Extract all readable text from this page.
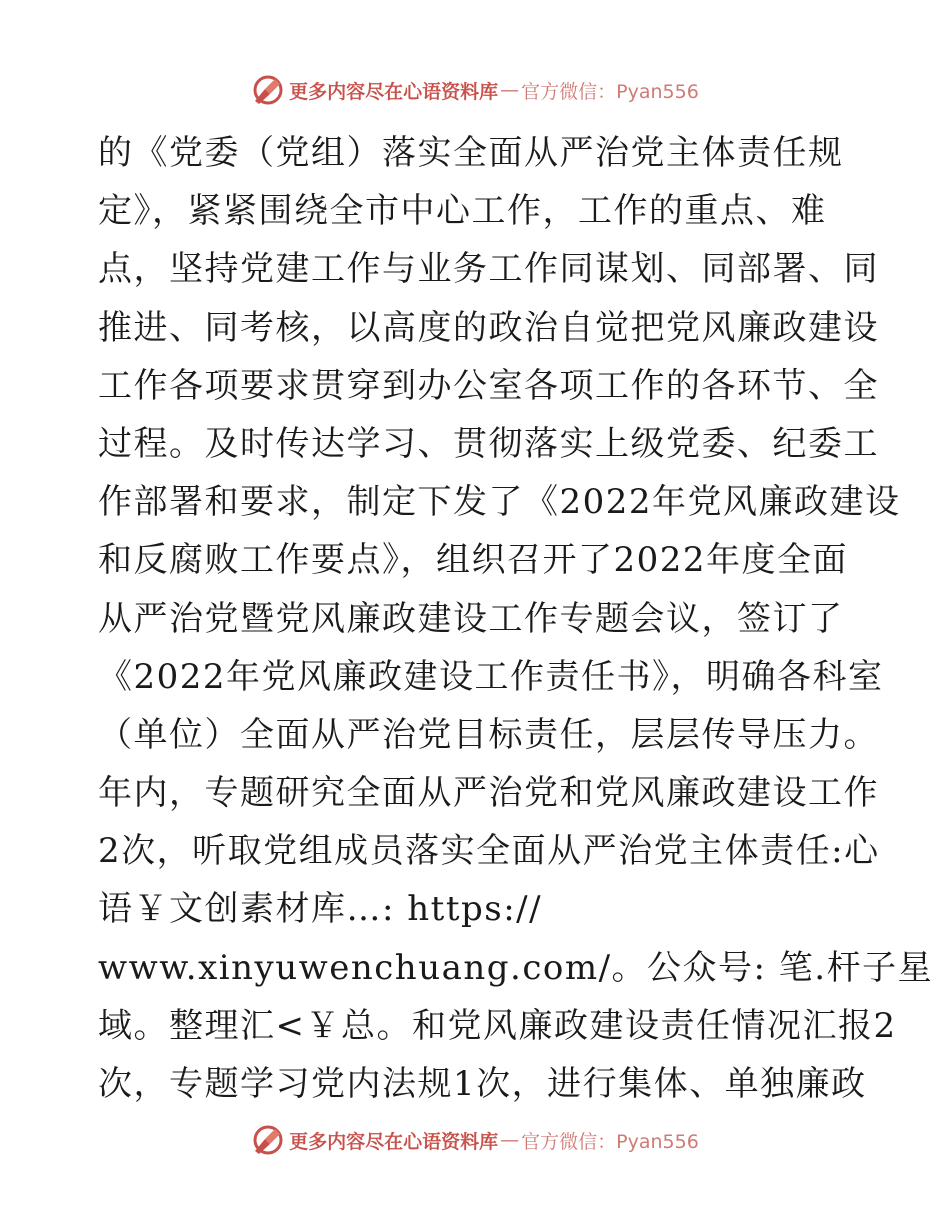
更多内容尽在心语资料库 — 官方微信：Pyan556
的《党委（党组）落实全面从严治党主体责任规
定》，紧紧围绕全市中心工作，工作的重点、难
点，坚持党建工作与业务工作同谋划、同部署、同
推进、同考核，以高度的政治自觉把党风廉政建设
工作各项要求贯穿到办公室各项工作的各环节、全
过程。及时传达学习、贯彻落实上级党委、纪委工
作部署和要求，制定下发了《2022年党风廉政建设
和反腐败工作要点》，组织召开了2022年度全面
从严治党暨党风廉政建设工作专题会议，签订了
《2022年党风廉政建设工作责任书》，明确各科室
（单位）全面从严治党目标责任，层层传导压力。
年内，专题研究全面从严治党和党风廉政建设工作
2次，听取党组成员落实全面从严治党主体责任:心
语￥文创素材库…: https://
www.xinyuwenchuang.com/。公众号: 笔.杆子星
域。整理汇<￥总。和党风廉政建设责任情况汇报2
次，专题学习党内法规1次，进行集体、单独廉政
更多内容尽在心语资料库 — 官方微信：Pyan556
